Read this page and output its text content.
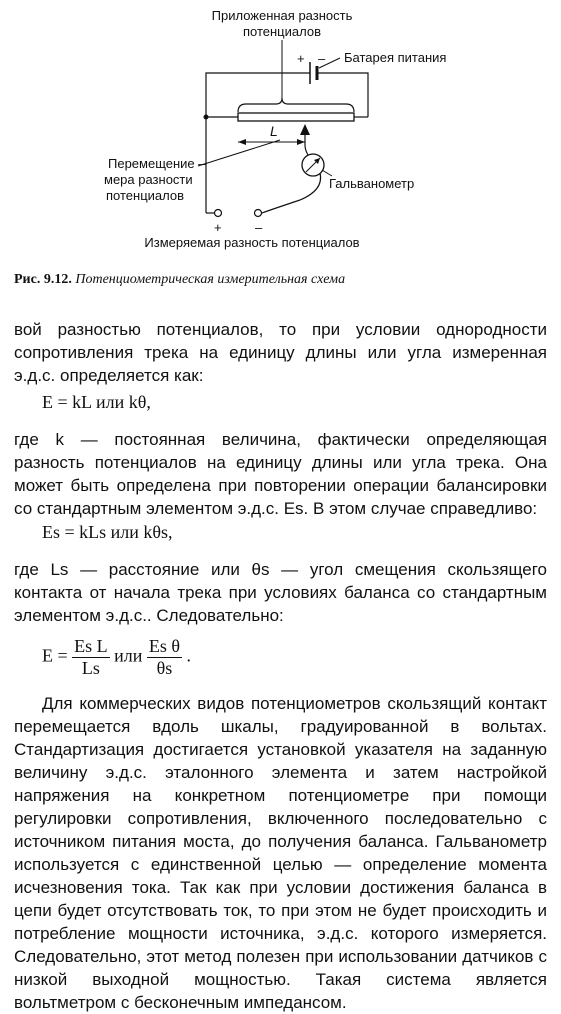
Приложенная разность
потенциалов
+ – Батарея питания
L
Гальванометр
Перемещение –
мера разности
потенциалов
+	–
Измеряемая разность потенциалов
Рис. 9.12. Потенциометрическая измерительная схема

вой разностью потенциалов, то при условии однородности сопротивления трека на единицу длины или угла измеренная э.д.с. определяется как:

E = kL или kθ,

где k — постоянная величина, фактически определяющая разность потенциалов на единицу длины или угла трека. Она может быть определена при повторении операции балансировки со стандартным элементом э.д.с. Es. В этом случае справедливо:

Es = kLs или kθs,

где Ls — расстояние или θs — угол смещения скользящего контакта от начала трека при условиях баланса со стандартным элементом э.д.с.. Следовательно:

$E = \frac{\text{Es L}}{Ls}$ или $\frac{\text{Es θ}}{\theta s}$ .

Для коммерческих видов потенциометров скользящий контакт перемещается вдоль шкалы, градуированной в вольтах. Стандартизация достигается установкой указателя на заданную величину э.д.с. эталонного элемента и затем настройкой напряжения на конкретном потенциометре при помощи регулировки сопротивления, включенного последовательно с источником питания моста, до получения баланса. Гальванометр используется с единственной целью — определение момента исчезновения тока. Так как при условии достижения баланса в цепи будет отсутствовать ток, то при этом не будет происходить и потребление мощности источника, э.д.с. которого измеряется. Следовательно, этот метод полезен при использовании датчиков с низкой выходной мощностью. Такая система является вольтметром с бесконечным импедансом.
